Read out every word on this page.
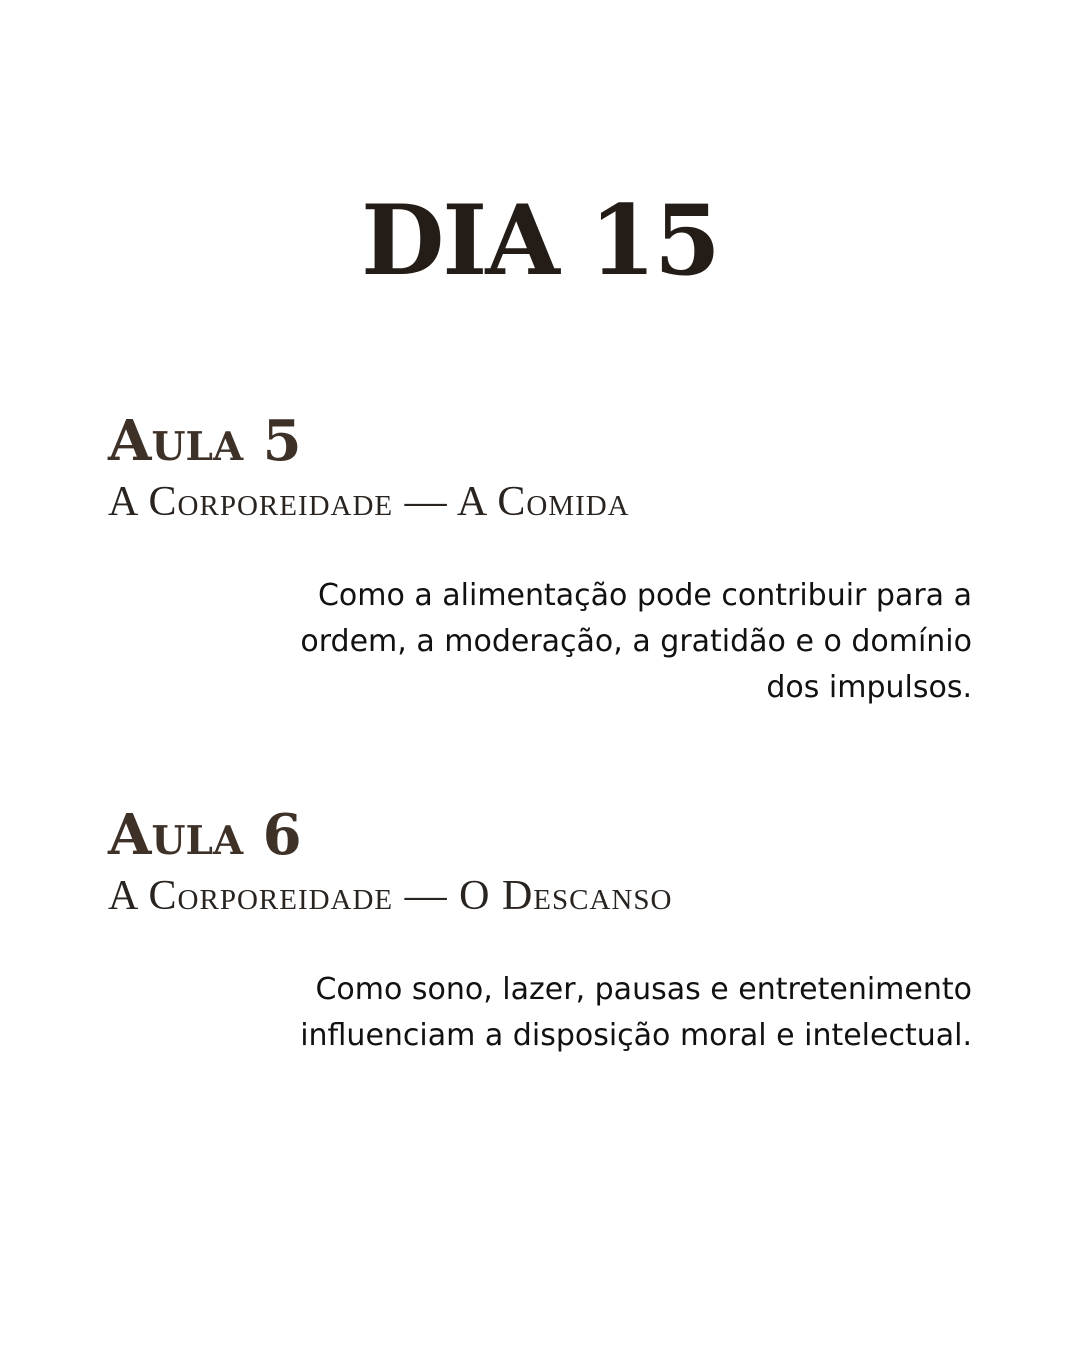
DIA 15
Aula 5
A Corporeidade — A Comida

Como a alimentação pode contribuir para a
ordem, a moderação, a gratidão e o domínio
dos impulsos.

Aula 6
A Corporeidade — O Descanso

Como sono, lazer, pausas e entretenimento
influenciam a disposição moral e intelectual.
